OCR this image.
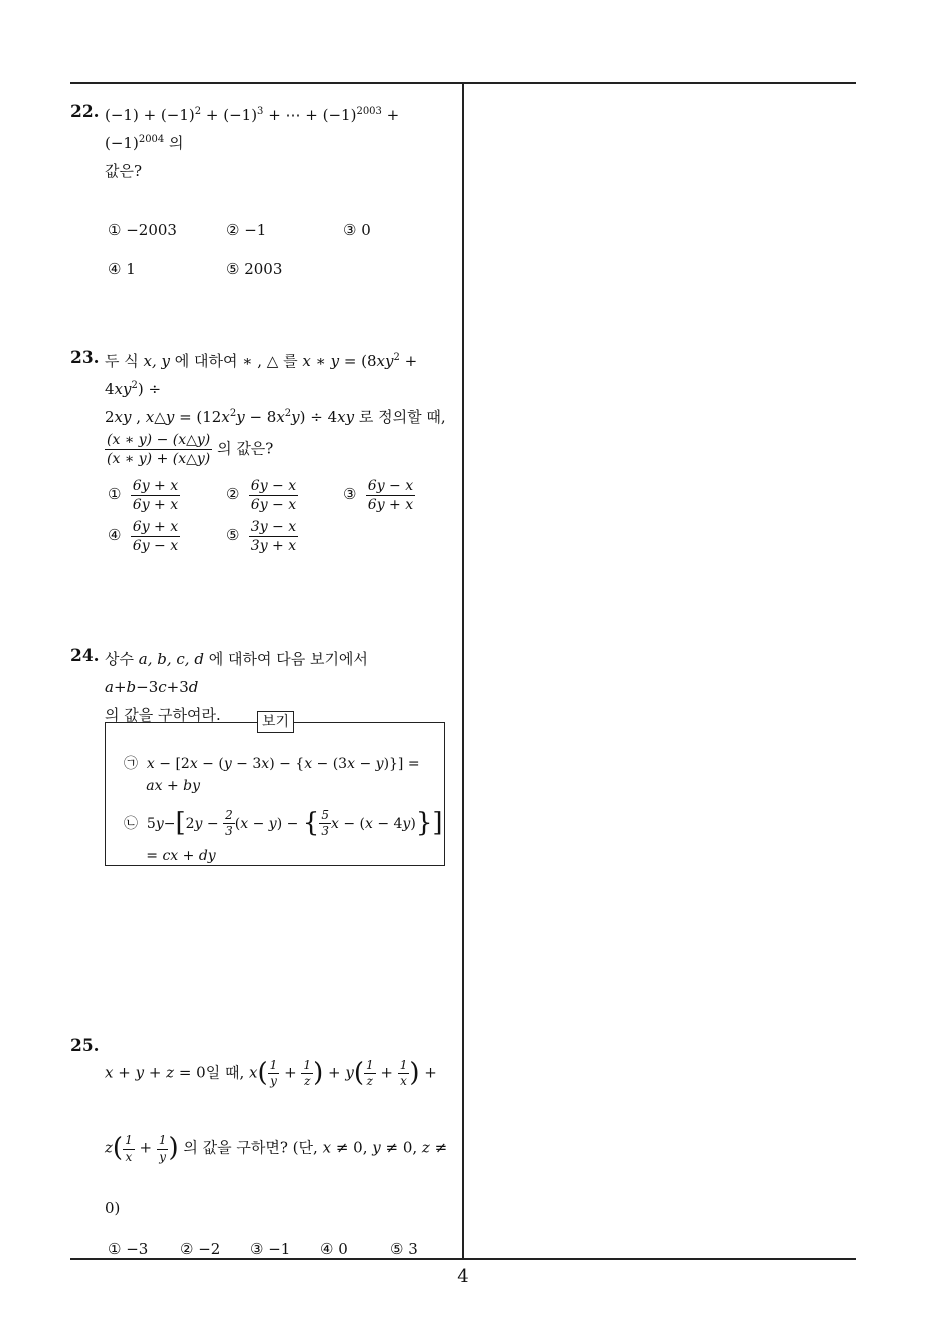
22. $(-1) + (-1)^2 + (-1)^3$ + ⋯ + $(-1)^{2003} + (-1)^{2004}$ 의
값은?
① −2003	② −1	③ 0
④ 1	⑤ 2003
23. 두 식 x, y 에 대하여 ∗ , △ 를 x ∗ $y = (8xy^2 + 4xy^2)$ ÷
2xy , x△y = $(12x^2y - 8x^2y) \div 4xy$ 로 정의할 때,

$\frac{(x ∗ y) - (x\triangle y)}{(x ∗ y) + (x\triangle y)}$ 의 값은?
① $\frac{6y + x}{6y + x}$	② $\frac{6y - x}{6y - x}$	③ $\frac{6y - x}{6y + x}$
④ $\frac{6y + x}{6y - x}$	⑤ $\frac{3y - x}{3y + x}$
24. 상수 a, b, c, d 에 대하여 다음 보기에서 a+b−3c+3d
의 값을 구하여라.	보기
㉠  x − [2x − (y − 3x) − {x − (3x − y)}] =
ax + by
㉡  $5y-[2y - \frac{2}{3} (x - y)$ − { $\frac{5}{3}$ x − (x − 4y)}]
= cx + dy
25.
x + y + z = 0일 때, $x( \frac{1}{y} + \frac{1}{z}$ ) + $y( \frac{1}{z} + \frac{1}{x}$ ) +
$z( \frac{1}{x} + \frac{1}{y}$ ) 의 값을 구하면? (단, x ≠ 0, y ≠ 0, z ≠
0)
① −3 ② −2 ③ −1 ④ 0	⑤ 3
4
